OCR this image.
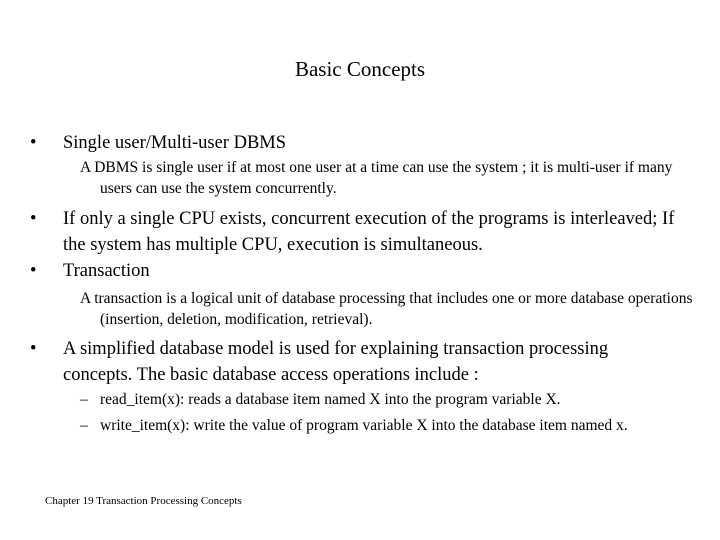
Basic Concepts
•	Single user/Multi-user DBMS
A DBMS is single user if at most one user at a time can use the system ; it is multi-user if many users can use the system concurrently.
•	If only a single CPU exists, concurrent execution of the programs is interleaved; If the system has multiple CPU, execution is simultaneous.
•	Transaction
A transaction is a logical unit of database processing that includes one or more database operations (insertion, deletion, modification, retrieval).
•	A simplified database model is used for explaining transaction processing concepts. The basic database access operations include :
– read_item(x): reads a database item named X into the program variable X.
– write_item(x): write the value of program variable X into the database item named x.
Chapter 19 Transaction Processing Concepts
